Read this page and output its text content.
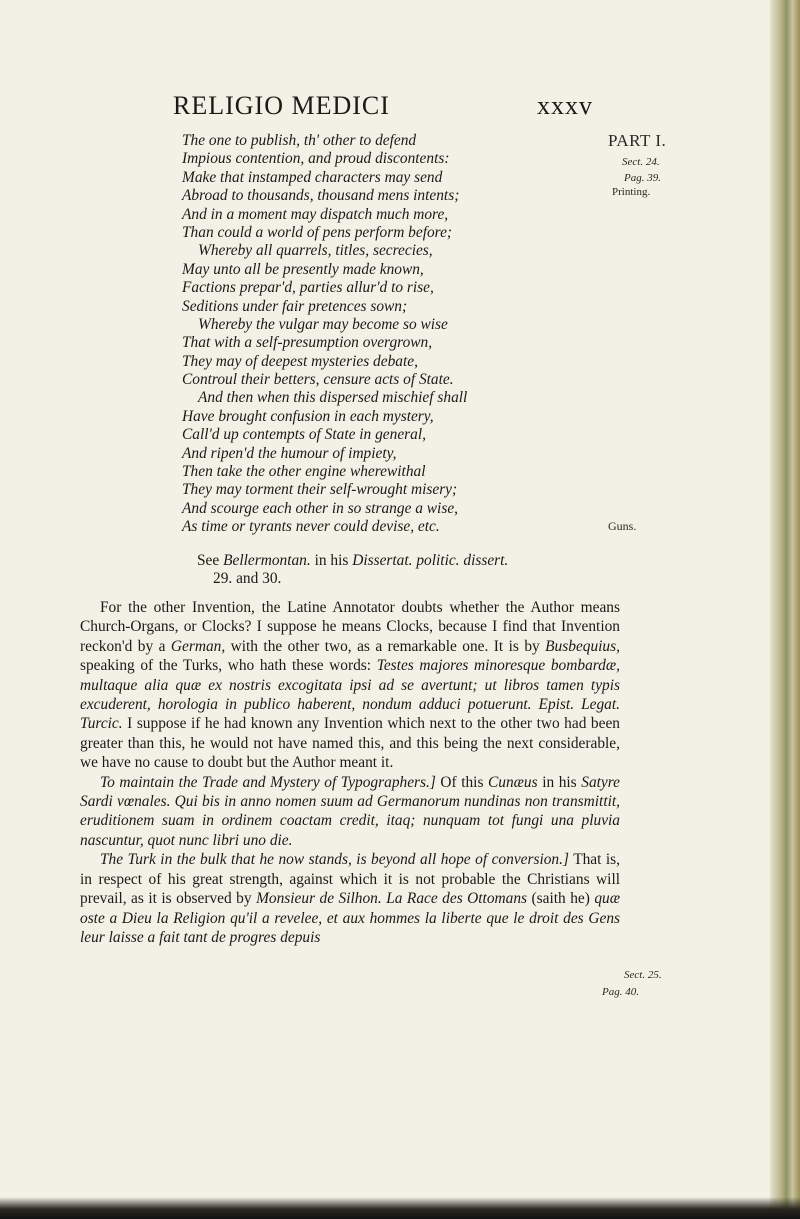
RELIGIO MEDICI	xxxv
PART I.
Sect. 24.
Pag. 39.
Printing.
Guns.
Sect. 25.
Pag. 40.
The one to publish, th' other to defend
Impious contention, and proud discontents:
Make that instamped characters may send
Abroad to thousands, thousand mens intents;
And in a moment may dispatch much more,
Than could a world of pens perform before;
Whereby all quarrels, titles, secrecies,
May unto all be presently made known,
Factions prepar'd, parties allur'd to rise,
Seditions under fair pretences sown;
Whereby the vulgar may become so wise
That with a self-presumption overgrown,
They may of deepest mysteries debate,
Controul their betters, censure acts of State.
And then when this dispersed mischief shall
Have brought confusion in each mystery,
Call'd up contempts of State in general,
And ripen'd the humour of impiety,
Then take the other engine wherewithal
They may torment their self-wrought misery;
And scourge each other in so strange a wise,
As time or tyrants never could devise, etc.
See Bellermontan. in his Dissertat. politic. dissert.
29. and 30.

For the other Invention, the Latine Annotator doubts whether the Author means Church-Organs, or Clocks? I suppose he means Clocks, because I find that Invention reckon'd by a German, with the other two, as a remarkable one. It is by Busbequius, speaking of the Turks, who hath these words: Testes majores minoresque bombardæ, multaque alia quæ ex nostris excogitata ipsi ad se avertunt; ut libros tamen typis excuderent, horologia in publico haberent, nondum adduci potuerunt. Epist. Legat. Turcic. I suppose if he had known any Invention which next to the other two had been greater than this, he would not have named this, and this being the next considerable, we have no cause to doubt but the Author meant it.

To maintain the Trade and Mystery of Typographers.] Of this Cunæus in his Satyre Sardi vœnales. Qui bis in anno nomen suum ad Germanorum nundinas non transmittit, eruditionem suam in ordinem coactam credit, itaq; nunquam tot fungi una pluvia nascuntur, quot nunc libri uno die.

The Turk in the bulk that he now stands, is beyond all hope of conversion.] That is, in respect of his great strength, against which it is not probable the Christians will prevail, as it is observed by Monsieur de Silhon. La Race des Ottomans (saith he) quæ oste a Dieu la Religion qu'il a revelee, et aux hommes la liberte que le droit des Gens leur laisse a fait tant de progres depuis
